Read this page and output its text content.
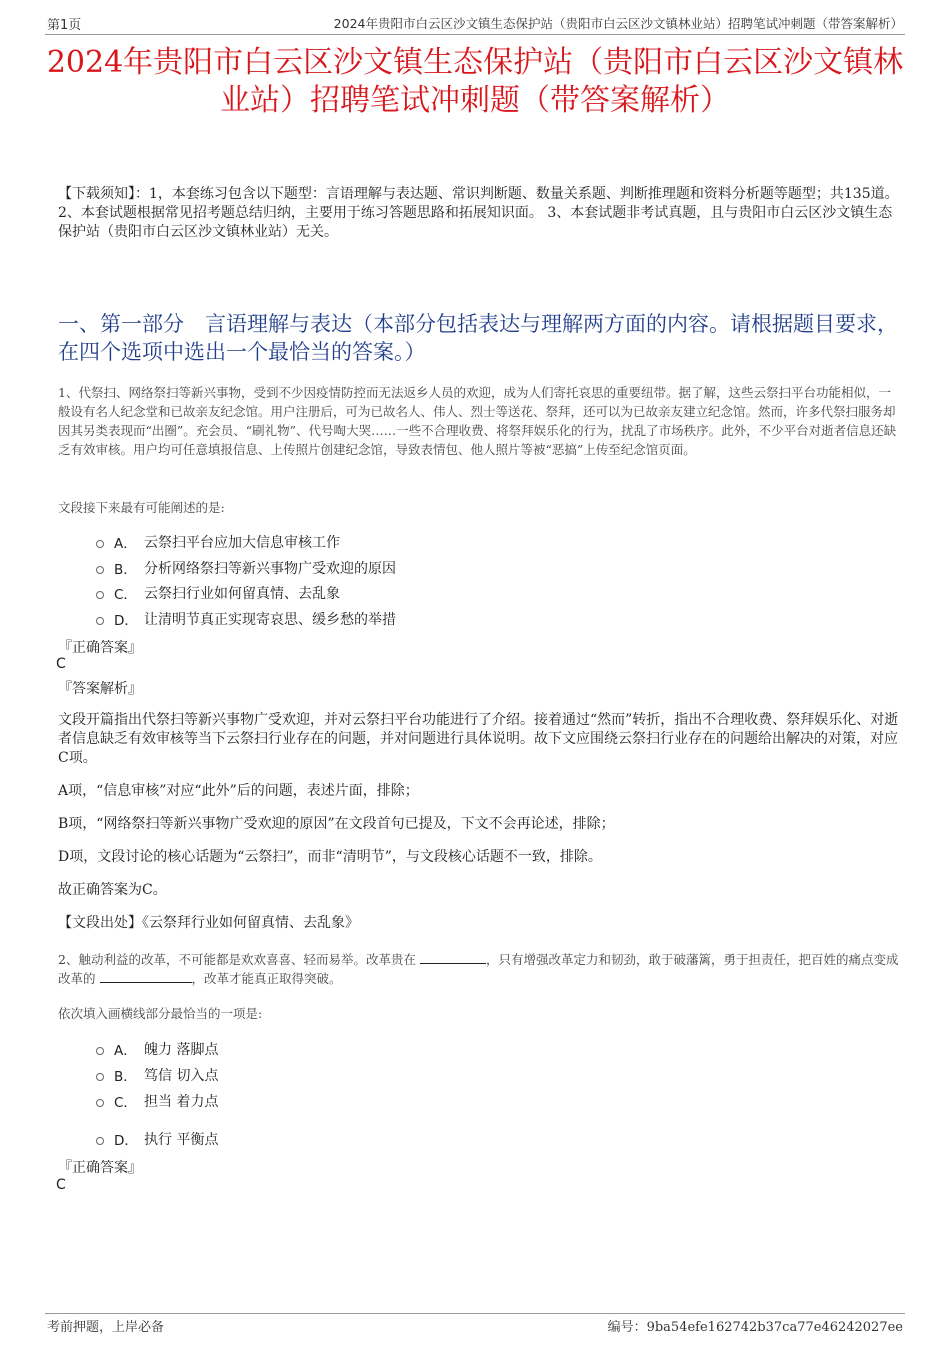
第1页	2024年贵阳市白云区沙文镇生态保护站（贵阳市白云区沙文镇林业站）招聘笔试冲刺题（带答案解析）
2024年贵阳市白云区沙文镇生态保护站（贵阳市白云区沙文镇林业站）招聘笔试冲刺题（带答案解析）

【下载须知】：1，本套练习包含以下题型：言语理解与表达题、常识判断题、数量关系题、判断推理题和资料分析题等题型；共135道。 2、本套试题根据常见招考题总结归纳，主要用于练习答题思路和拓展知识面。 3、本套试题非考试真题，且与贵阳市白云区沙文镇生态保护站（贵阳市白云区沙文镇林业站）无关。

一、第一部分　言语理解与表达（本部分包括表达与理解两方面的内容。请根据题目要求，在四个选项中选出一个最恰当的答案。）

1、代祭扫、网络祭扫等新兴事物，受到不少因疫情防控而无法返乡人员的欢迎，成为人们寄托哀思的重要纽带。据了解，这些云祭扫平台功能相似，一般设有名人纪念堂和已故亲友纪念馆。用户注册后，可为已故名人、伟人、烈士等送花、祭拜，还可以为已故亲友建立纪念馆。然而，许多代祭扫服务却因其另类表现而“出圈”。充会员、“刷礼物”、代号啕大哭……一些不合理收费、将祭拜娱乐化的行为，扰乱了市场秩序。此外，不少平台对逝者信息还缺乏有效审核。用户均可任意填报信息、上传照片创建纪念馆，导致表情包、他人照片等被“恶搞”上传至纪念馆页面。

文段接下来最有可能阐述的是:

A． 云祭扫平台应加大信息审核工作
B． 分析网络祭扫等新兴事物广受欢迎的原因
C． 云祭扫行业如何留真情、去乱象
D． 让清明节真正实现寄哀思、缓乡愁的举措
『正确答案』
C
『答案解析』

文段开篇指出代祭扫等新兴事物广受欢迎，并对云祭扫平台功能进行了介绍。接着通过“然而”转折，指出不合理收费、祭拜娱乐化、对逝者信息缺乏有效审核等当下云祭扫行业存在的问题，并对问题进行具体说明。故下文应围绕云祭扫行业存在的问题给出解决的对策，对应C项。

A项，“信息审核”对应“此外”后的问题，表述片面，排除；

B项，“网络祭扫等新兴事物广受欢迎的原因”在文段首句已提及，下文不会再论述，排除；

D项，文段讨论的核心话题为“云祭扫”，而非“清明节”，与文段核心话题不一致，排除。

故正确答案为C。

【文段出处】《云祭拜行业如何留真情、去乱象》

2、触动利益的改革，不可能都是欢欢喜喜、轻而易举。改革贵在	，只有增强改革定力和韧劲，敢于破藩篱，勇于担责任，把百姓的痛点变成改革的	，改革才能真正取得突破。

依次填入画横线部分最恰当的一项是:

A． 魄力 落脚点
B． 笃信 切入点
C． 担当 着力点
D． 执行 平衡点
『正确答案』
C
考前押题，上岸必备	编号：9ba54efe162742b37ca77e46242027ee
